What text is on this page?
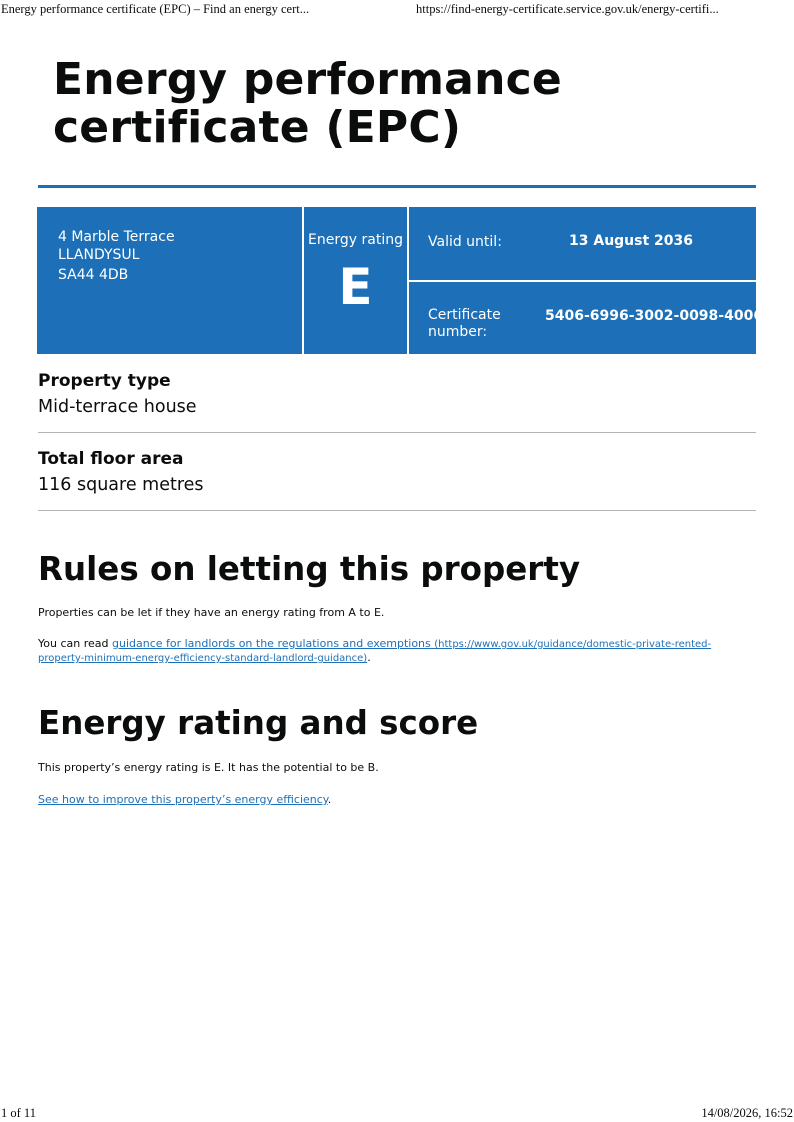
Energy performance certificate (EPC) – Find an energy cert...	https://find-energy-certificate.service.gov.uk/energy-certifi...
Energy performance certificate (EPC)
4 Marble Terrace
LLANDYSUL
SA44 4DB
Energy rating
E
Valid until:	13 August 2036
Certificate number:
5406-6996-3002-0098-4006
Property type
Mid-terrace house
Total floor area
116 square metres
Rules on letting this property

Properties can be let if they have an energy rating from A to E.

You can read guidance for landlords on the regulations and exemptions (https://www.gov.uk/guidance/domestic-private-rented-property-minimum-energy-efficiency-standard-landlord-guidance).

Energy rating and score

This property’s energy rating is E. It has the potential to be B.

See how to improve this property’s energy efficiency.

1 of 11	14/08/2026, 16:52
